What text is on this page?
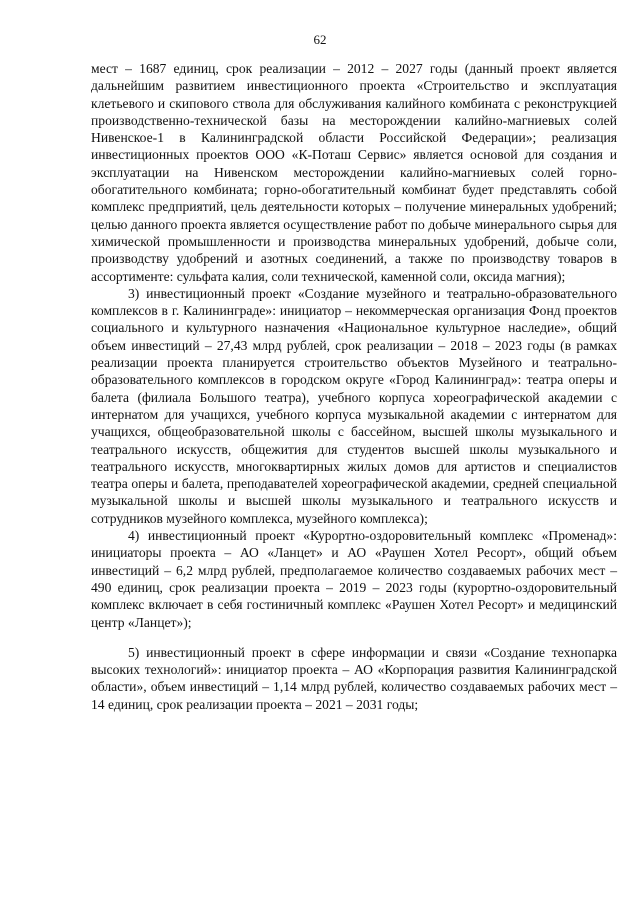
62

мест – 1687 единиц, срок реализации – 2012 – 2027 годы (данный проект является дальнейшим развитием инвестиционного проекта «Строительство и эксплуатация клетьевого и скипового ствола для обслуживания калийного комбината с реконструкцией производственно-технической базы на месторождении калийно-магниевых солей Нивенское-1 в Калининградской области Российской Федерации»; реализация инвестиционных проектов ООО «К-Поташ Сервис» является основой для создания и эксплуатации на Нивенском месторождении калийно-магниевых солей горно-обогатительного комбината; горно-обогатительный комбинат будет представлять собой комплекс предприятий, цель деятельности которых – получение минеральных удобрений; целью данного проекта является осуществление работ по добыче минерального сырья для химической промышленности и производства минеральных удобрений, добыче соли, производству удобрений и азотных соединений, а также по производству товаров в ассортименте: сульфата калия, соли технической, каменной соли, оксида магния);

3) инвестиционный проект «Создание музейного и театрально-образовательного комплексов в г. Калининграде»: инициатор – некоммерческая организация Фонд проектов социального и культурного назначения «Национальное культурное наследие», общий объем инвестиций – 27,43 млрд рублей, срок реализации – 2018 – 2023 годы (в рамках реализации проекта планируется строительство объектов Музейного и театрально-образовательного комплексов в городском округе «Город Калининград»: театра оперы и балета (филиала Большого театра), учебного корпуса хореографической академии с интернатом для учащихся, учебного корпуса музыкальной академии с интернатом для учащихся, общеобразовательной школы с бассейном, высшей школы музыкального и театрального искусств, общежития для студентов высшей школы музыкального и театрального искусств, многоквартирных жилых домов для артистов и специалистов театра оперы и балета, преподавателей хореографической академии, средней специальной музыкальной школы и высшей школы музыкального и театрального искусств и сотрудников музейного комплекса, музейного комплекса);

4) инвестиционный проект «Курортно-оздоровительный комплекс «Променад»: инициаторы проекта – АО «Ланцет» и АО «Раушен Хотел Ресорт», общий объем инвестиций – 6,2 млрд рублей, предполагаемое количество создаваемых рабочих мест – 490 единиц, срок реализации проекта – 2019 – 2023 годы (курортно-оздоровительный комплекс включает в себя гостиничный комплекс «Раушен Хотел Ресорт» и медицинский центр «Ланцет»);

5) инвестиционный проект в сфере информации и связи «Создание технопарка высоких технологий»: инициатор проекта – АО «Корпорация развития Калининградской области», объем инвестиций – 1,14 млрд рублей, количество создаваемых рабочих мест – 14 единиц, срок реализации проекта – 2021 – 2031 годы;
